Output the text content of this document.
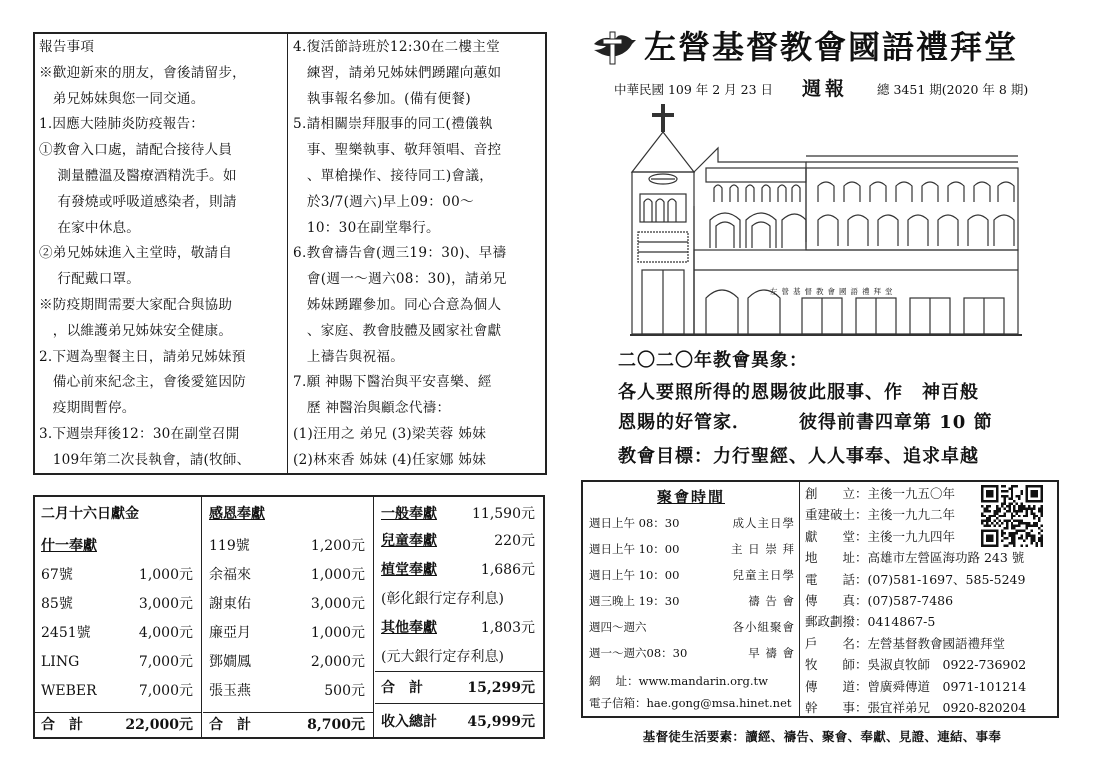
報告事項
※歡迎新來的朋友，會後請留步，
　弟兄姊妹與您一同交通。
1.因應大陸肺炎防疫報告：
①教會入口處，請配合接待人員
　 測量體溫及醫療酒精洗手。如
　 有發燒或呼吸道感染者，則請
　 在家中休息。
②弟兄姊妹進入主堂時，敬請自
　 行配戴口罩。
※防疫期間需要大家配合與協助
　，以維護弟兄姊妹安全健康。
2.下週為聖餐主日，請弟兄姊妹預
　備心前來紀念主，會後愛筵因防
　疫期間暫停。
3.下週崇拜後12：30在副堂召開
　109年第二次長執會，請(牧師、
4.復活節詩班於12:30在二樓主堂
　練習，請弟兄姊妹們踴躍向蕙如
　執事報名參加。(備有便餐)
5.請相關崇拜服事的同工(禮儀執
　事、聖樂執事、敬拜領唱、音控
　、單槍操作、接待同工)會議，
　於3/7(週六)早上09：00～
　10：30在副堂舉行。
6.教會禱告會(週三19：30)、早禱
　會(週一～週六08：30)，請弟兄
　姊妹踴躍參加。同心合意為個人
　、家庭、教會肢體及國家社會獻
　上禱告與祝福。
7.願 神賜下醫治與平安喜樂、經
　歷 神醫治與顧念代禱：
(1)汪用之 弟兄 (3)梁芙蓉 姊妹
(2)林來香 姊妹 (4)任家娜 姊妹
左營基督教會國語禮拜堂
中華民國 109 年 2 月 23 日 週報 總 3451 期(2020 年 8 期)
左營基督教會國語禮拜堂
二〇二〇年教會異象：
各人要照所得的恩賜彼此服事、作　神百般
恩賜的好管家．　　　彼得前書四章第 10 節
教會目標：力行聖經、人人事奉、追求卓越
二月十六日獻金
什一奉獻
67號	1,000元
85號	3,000元
2451號	4,000元
LING	7,000元
WEBER	7,000元
合　計	22,000元
感恩奉獻
119號	1,200元
余福來	1,000元
謝東佑	3,000元
廉亞月	1,000元
鄧嫺鳳	2,000元
張玉燕	500元
合　計	8,700元
一般奉獻	11,590元
兒童奉獻	220元
植堂奉獻	1,686元
(彰化銀行定存利息)
其他奉獻	1,803元
(元大銀行定存利息)
合　計	15,299元
收入總計 45,999元
聚會時間
週日上午 08：30	成人主日學
週日上午 10：00	主 日 崇 拜
週日上午 10：00	兒童主日學
週三晚上 19：30	禱 告 會
週四～週六	各小組聚會
週一～週六08：30	早 禱 會
網　 址：www.mandarin.org.tw
電子信箱：hae.gong@msa.hinet.net
創　　立：主後一九五〇年
重建破土：主後一九九二年
獻　　堂：主後一九九四年
地　　址：高雄市左營區海功路 243 號
電　　話：(07)581-1697、585-5249
傳　　真：(07)587-7486
郵政劃撥：0414867-5
戶　　名：左營基督教會國語禮拜堂
牧　　師：吳淑貞牧師　0922-736902
傳　　道：曾廣舜傳道　0971-101214
幹　　事：張宜祥弟兄　0920-820204
基督徒生活要素：讀經、禱告、聚會、奉獻、見證、連結、事奉
